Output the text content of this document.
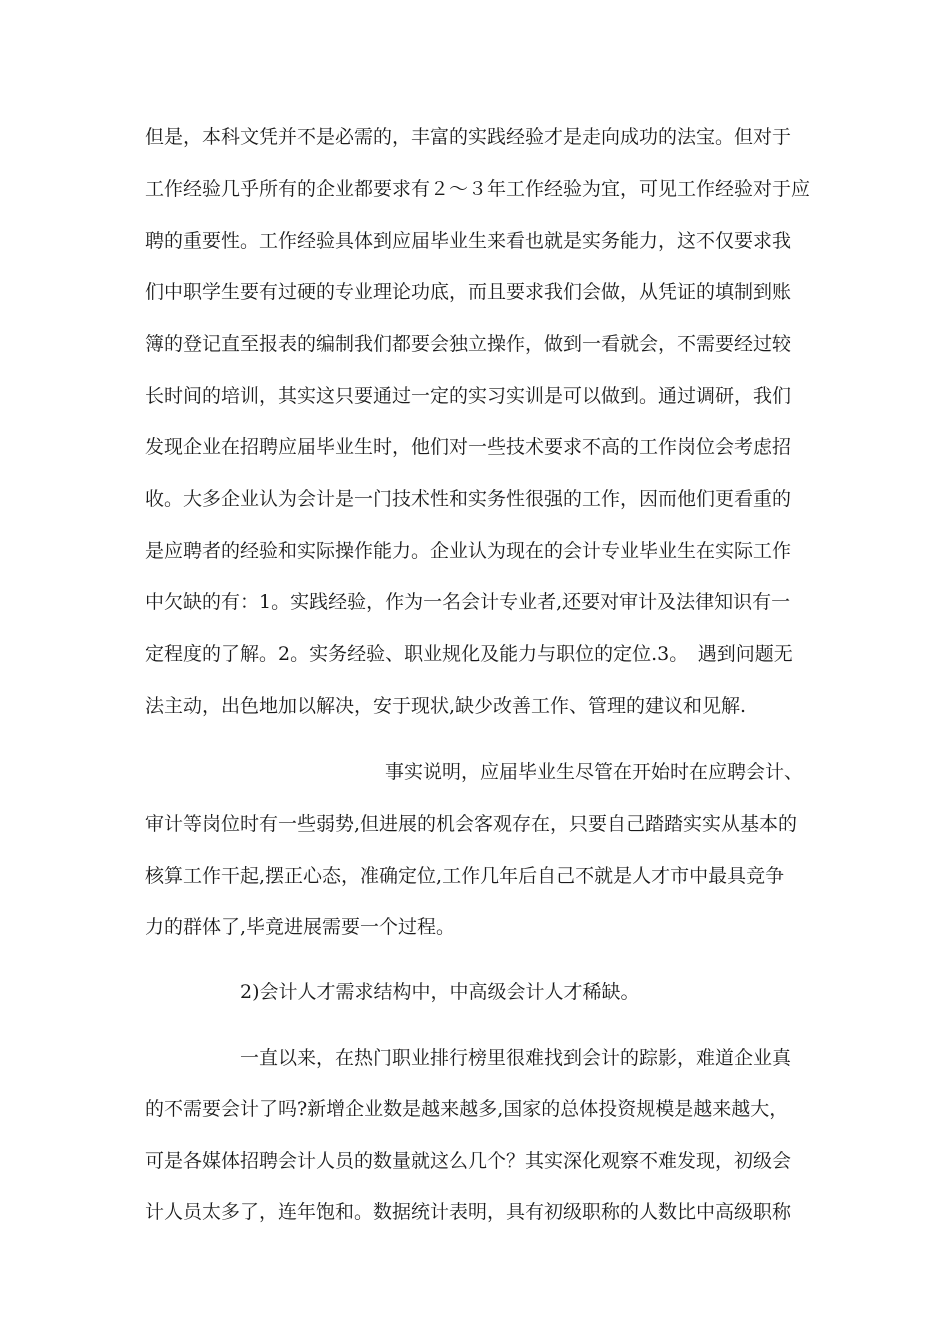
但是，本科文凭并不是必需的，丰富的实践经验才是走向成功的法宝。但对于
工作经验几乎所有的企业都要求有２～３年工作经验为宜，可见工作经验对于应
聘的重要性。工作经验具体到应届毕业生来看也就是实务能力，这不仅要求我
们中职学生要有过硬的专业理论功底，而且要求我们会做，从凭证的填制到账
簿的登记直至报表的编制我们都要会独立操作，做到一看就会，不需要经过较
长时间的培训，其实这只要通过一定的实习实训是可以做到。通过调研，我们
发现企业在招聘应届毕业生时，他们对一些技术要求不高的工作岗位会考虑招
收。大多企业认为会计是一门技术性和实务性很强的工作，因而他们更看重的
是应聘者的经验和实际操作能力。企业认为现在的会计专业毕业生在实际工作
中欠缺的有：1。实践经验，作为一名会计专业者,还要对审计及法律知识有一
定程度的了解。2。实务经验、职业规化及能力与职位的定位.3。　遇到问题无
法主动，出色地加以解决，安于现状,缺少改善工作、管理的建议和见解.
事实说明，应届毕业生尽管在开始时在应聘会计、
审计等岗位时有一些弱势,但进展的机会客观存在，只要自己踏踏实实从基本的
核算工作干起,摆正心态，准确定位,工作几年后自己不就是人才市中最具竞争
力的群体了,毕竟进展需要一个过程。
2)会计人才需求结构中，中高级会计人才稀缺。
一直以来，在热门职业排行榜里很难找到会计的踪影，难道企业真
的不需要会计了吗?新增企业数是越来越多,国家的总体投资规模是越来越大，
可是各媒体招聘会计人员的数量就这么几个？其实深化观察不难发现，初级会
计人员太多了，连年饱和。数据统计表明，具有初级职称的人数比中高级职称
